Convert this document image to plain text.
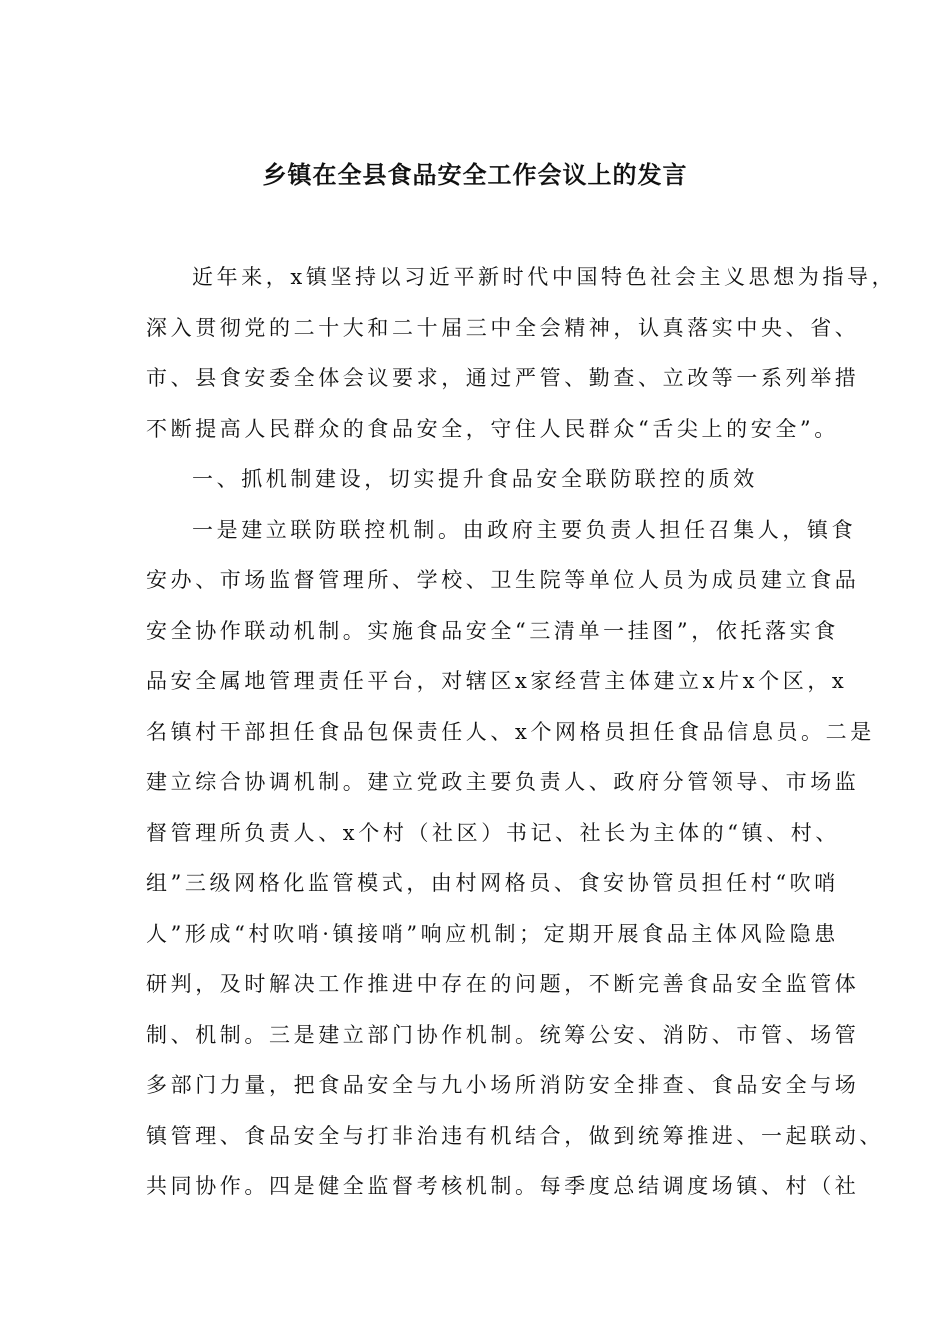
乡镇在全县食品安全工作会议上的发言
近年来，x镇坚持以习近平新时代中国特色社会主义思想为指导，
深入贯彻党的二十大和二十届三中全会精神，认真落实中央、省、
市、县食安委全体会议要求，通过严管、勤查、立改等一系列举措
不断提高人民群众的食品安全，守住人民群众“舌尖上的安全”。
一、抓机制建设，切实提升食品安全联防联控的质效
一是建立联防联控机制。由政府主要负责人担任召集人，镇食
安办、市场监督管理所、学校、卫生院等单位人员为成员建立食品
安全协作联动机制。实施食品安全“三清单一挂图”，依托落实食
品安全属地管理责任平台，对辖区x家经营主体建立x片x个区，x
名镇村干部担任食品包保责任人、x个网格员担任食品信息员。二是
建立综合协调机制。建立党政主要负责人、政府分管领导、市场监
督管理所负责人、x个村（社区）书记、社长为主体的“镇、村、
组”三级网格化监管模式，由村网格员、食安协管员担任村“吹哨
人”形成“村吹哨·镇接哨”响应机制；定期开展食品主体风险隐患
研判，及时解决工作推进中存在的问题，不断完善食品安全监管体
制、机制。三是建立部门协作机制。统筹公安、消防、市管、场管
多部门力量，把食品安全与九小场所消防安全排查、食品安全与场
镇管理、食品安全与打非治违有机结合，做到统筹推进、一起联动、
共同协作。四是健全监督考核机制。每季度总结调度场镇、村（社
